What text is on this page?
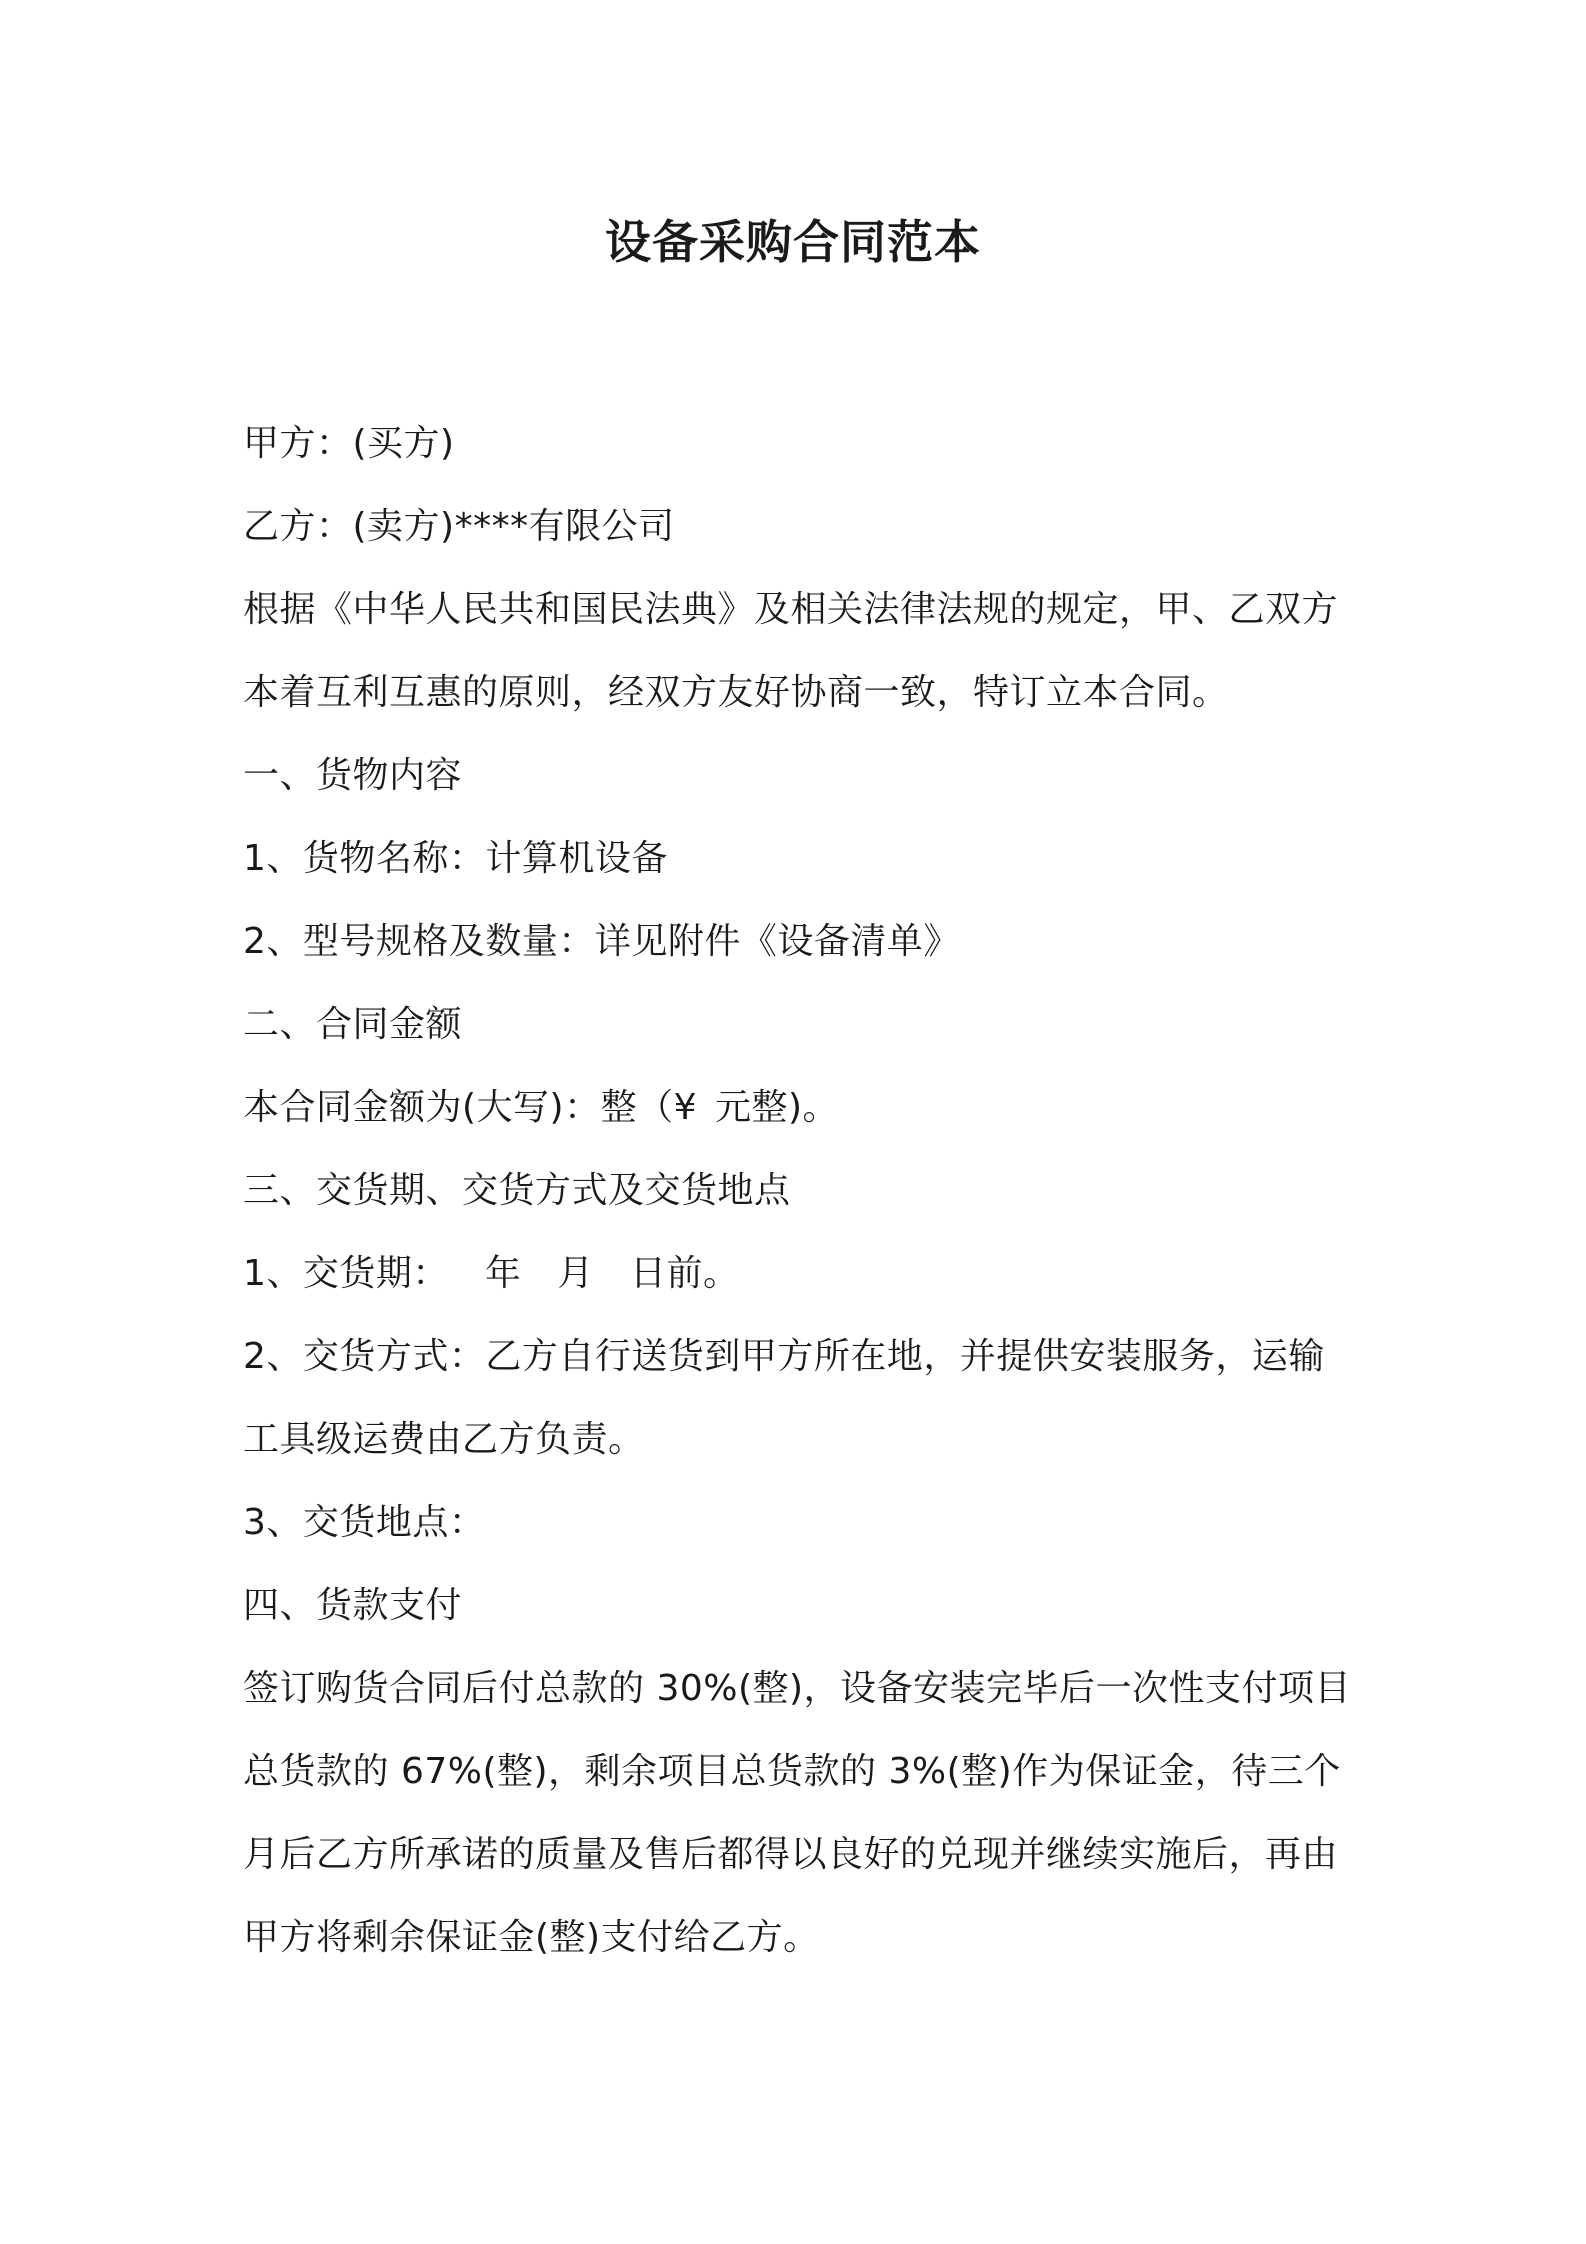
设备采购合同范本
甲方：(买方)
乙方：(卖方)****有限公司
根据《中华人民共和国民法典》及相关法律法规的规定，甲、乙双方
本着互利互惠的原则，经双方友好协商一致，特订立本合同。
一、货物内容
1、货物名称：计算机设备
2、型号规格及数量：详见附件《设备清单》
二、合同金额
本合同金额为(大写)：整（¥ 元整)。
三、交货期、交货方式及交货地点
1、交货期： 年 月 日前。
2、交货方式：乙方自行送货到甲方所在地，并提供安装服务，运输
工具级运费由乙方负责。
3、交货地点：
四、货款支付
签订购货合同后付总款的 30%(整)，设备安装完毕后一次性支付项目
总货款的 67%(整)，剩余项目总货款的 3%(整)作为保证金，待三个
月后乙方所承诺的质量及售后都得以良好的兑现并继续实施后，再由
甲方将剩余保证金(整)支付给乙方。
